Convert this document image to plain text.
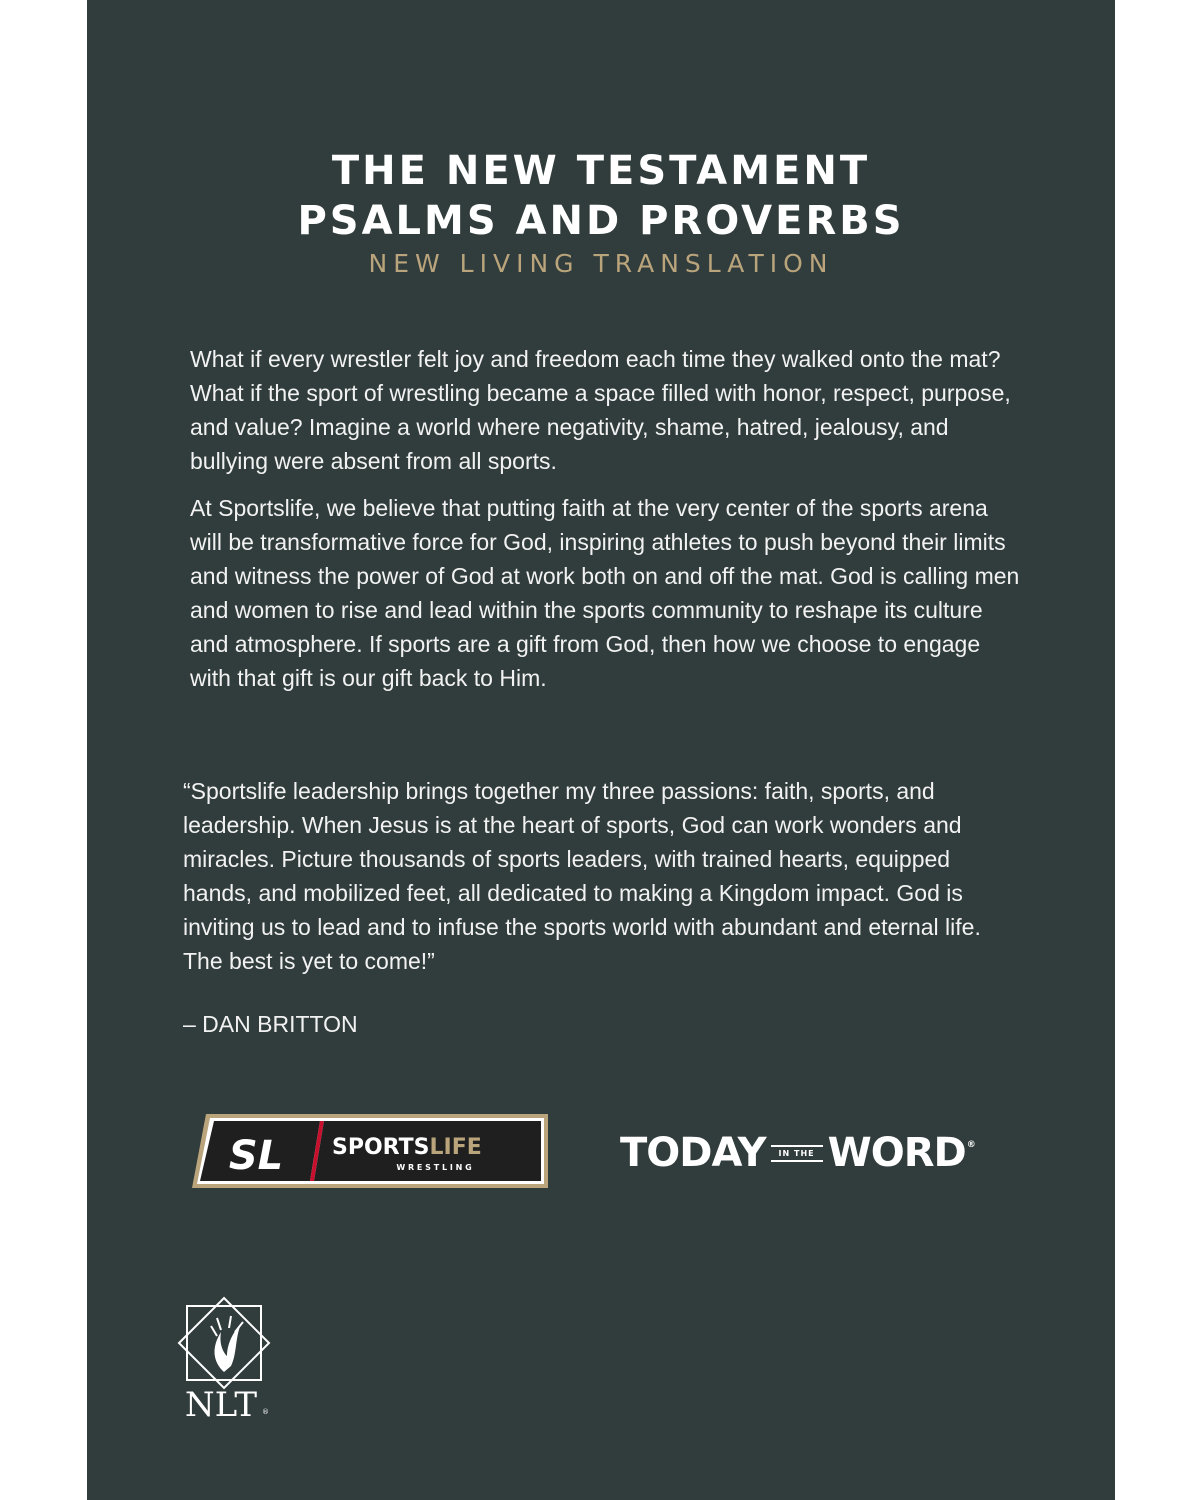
THE NEW TESTAMENT
PSALMS AND PROVERBS
NEW LIVING TRANSLATION

What if every wrestler felt joy and freedom each time they walked onto the mat? What if the sport of wrestling became a space filled with honor, respect, purpose, and value? Imagine a world where negativity, shame, hatred, jealousy, and bullying were absent from all sports.

At Sportslife, we believe that putting faith at the very center of the sports arena will be transformative force for God, inspiring athletes to push beyond their limits and witness the power of God at work both on and off the mat. God is calling men and women to rise and lead within the sports community to reshape its culture and atmosphere. If sports are a gift from God, then how we choose to engage with that gift is our gift back to Him.

“Sportslife leadership brings together my three passions: faith, sports, and leadership. When Jesus is at the heart of sports, God can work wonders and miracles. Picture thousands of sports leaders, with trained hearts, equipped hands, and mobilized feet, all dedicated to making a Kingdom impact. God is inviting us to lead and to infuse the sports world with abundant and eternal life. The best is yet to come!”

– DAN BRITTON
SL SPORTSLIFE
W R E S T L I N G	TODAY IN THE WORD ®
NLT ®
